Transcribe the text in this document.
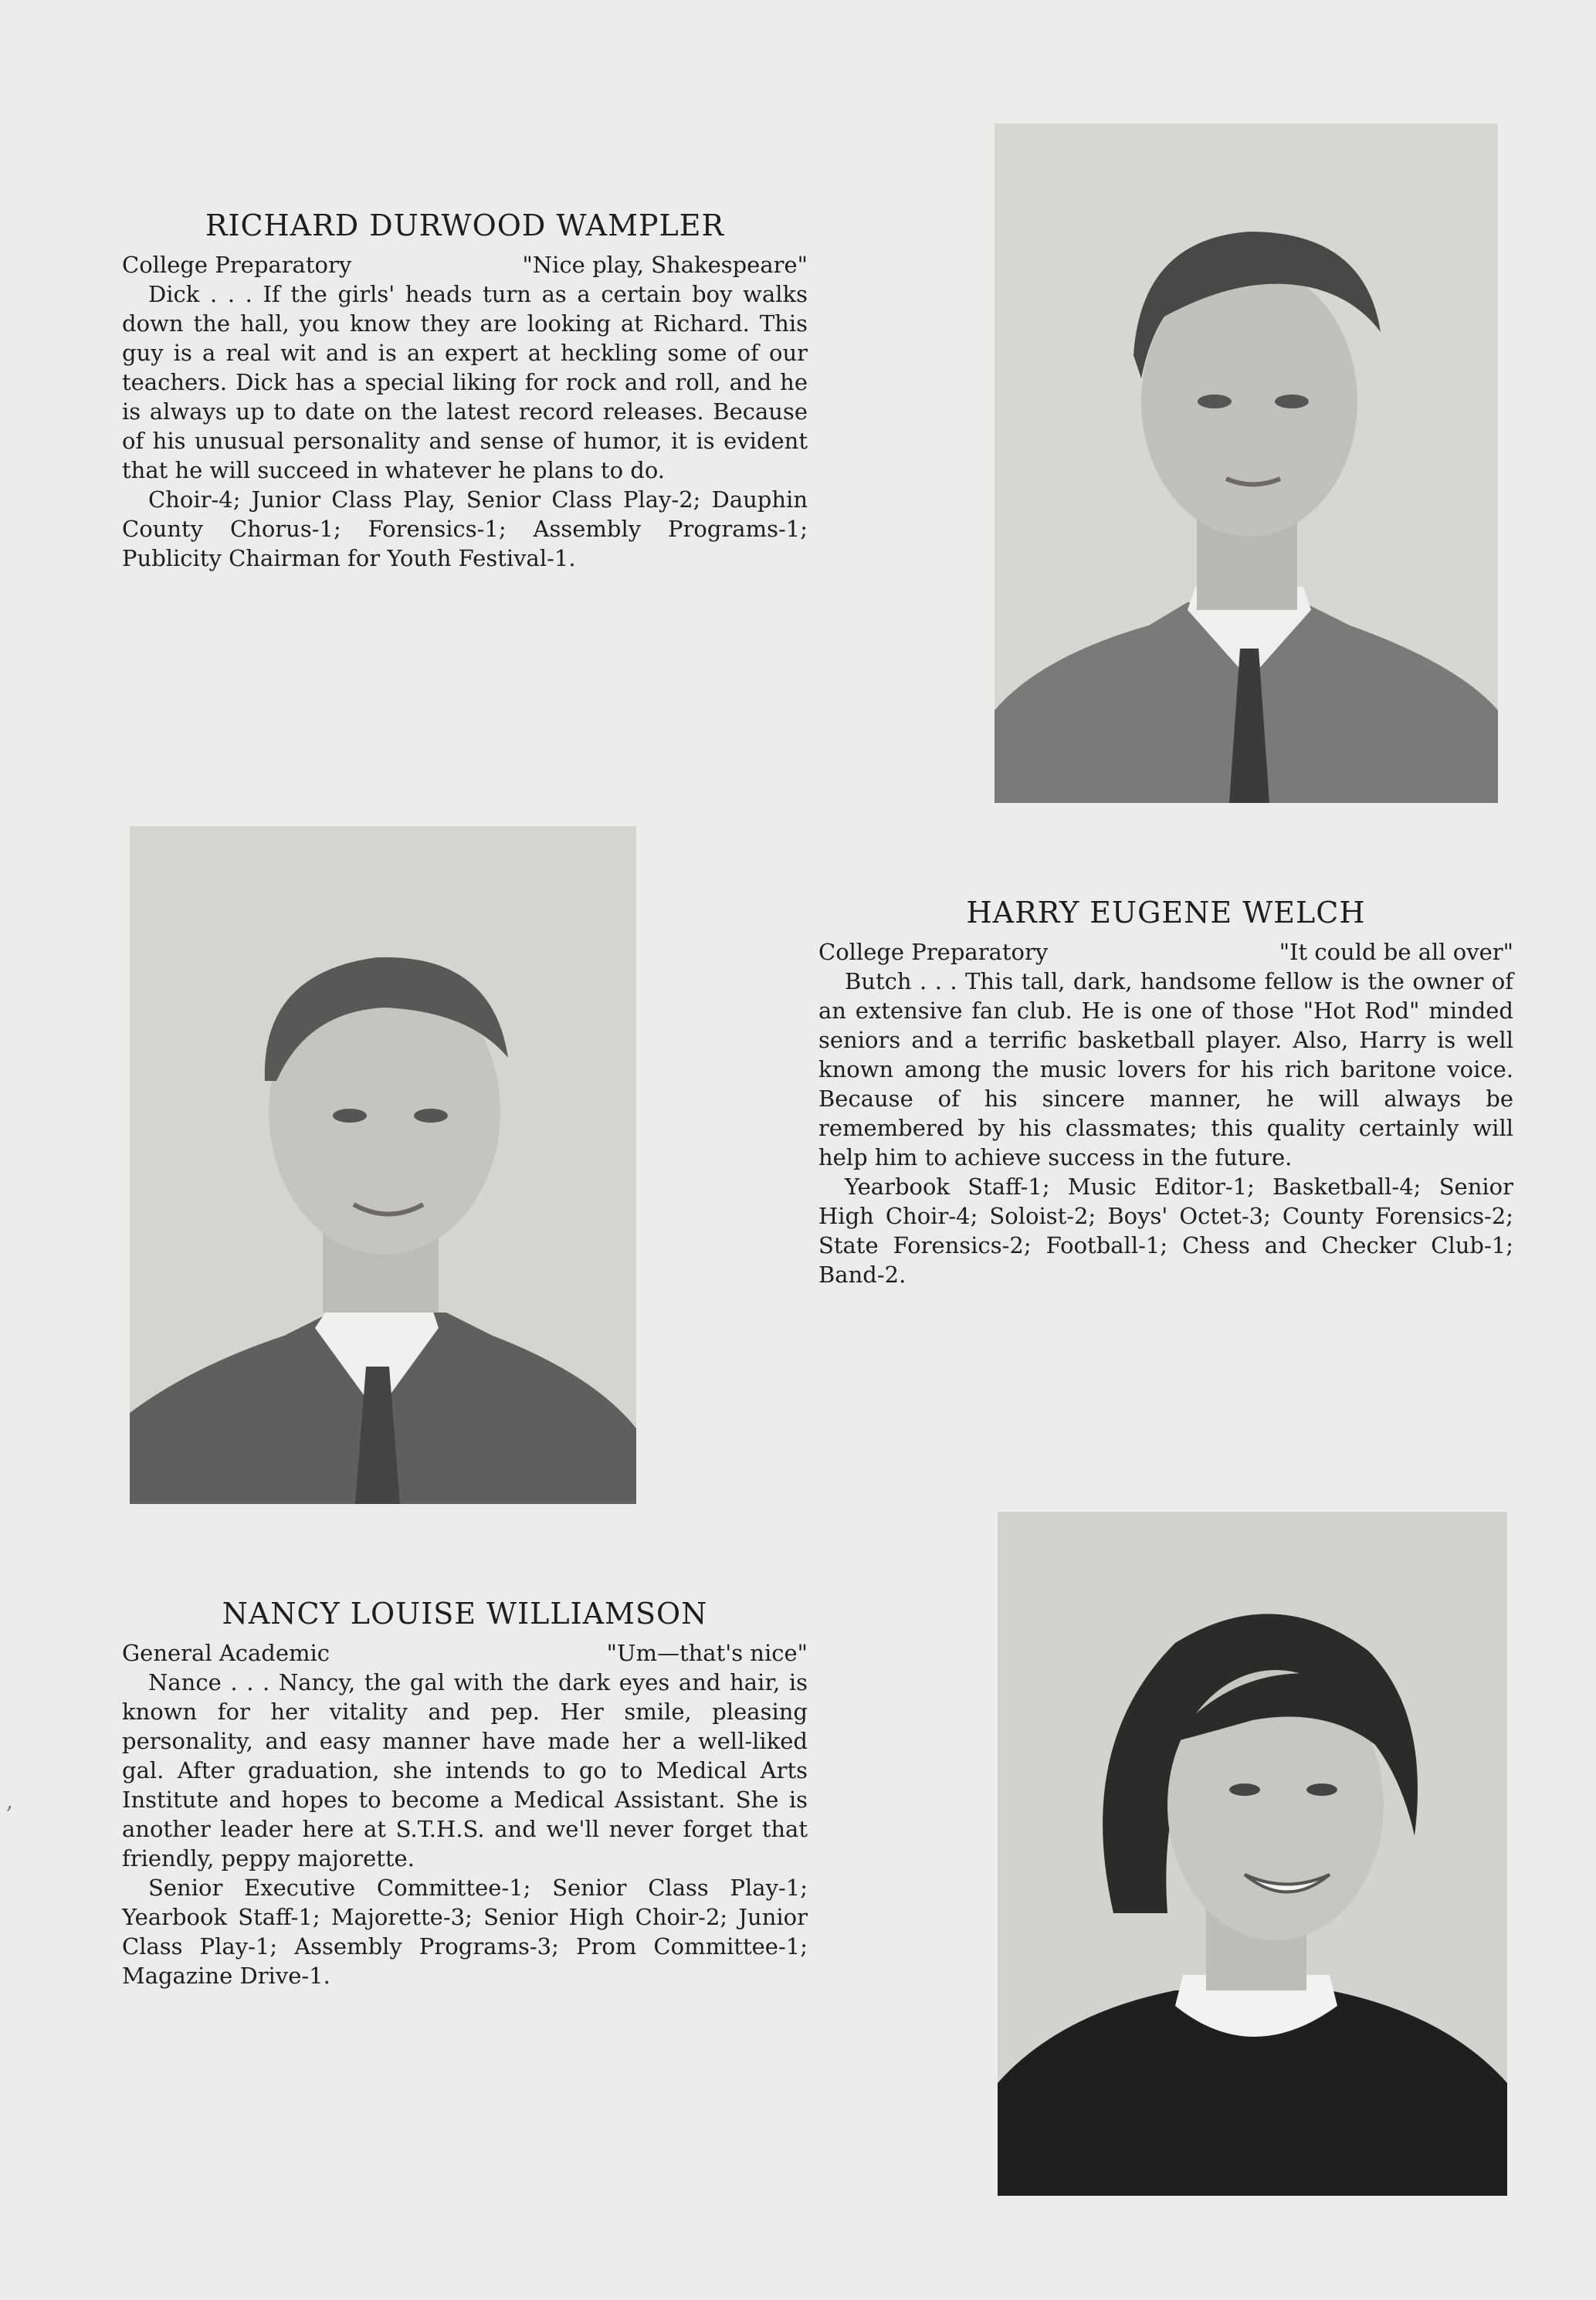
RICHARD DURWOOD WAMPLER
College Preparatory	"Nice play, Shakespeare"

Dick . . . If the girls' heads turn as a certain boy walks down the hall, you know they are looking at Richard. This guy is a real wit and is an expert at heckling some of our teachers. Dick has a special liking for rock and roll, and he is always up to date on the latest record releases. Because of his unusual personality and sense of humor, it is evident that he will succeed in whatever he plans to do.

Choir-4; Junior Class Play, Senior Class Play-2; Dauphin County Chorus-1; Forensics-1; Assembly Programs-1; Publicity Chairman for Youth Festival-1.

HARRY EUGENE WELCH
College Preparatory	"It could be all over"

Butch . . . This tall, dark, handsome fellow is the owner of an extensive fan club. He is one of those "Hot Rod" minded seniors and a terrific basketball player. Also, Harry is well known among the music lovers for his rich baritone voice. Because of his sincere manner, he will always be remembered by his classmates; this quality certainly will help him to achieve success in the future.

Yearbook Staff-1; Music Editor-1; Basketball-4; Senior High Choir-4; Soloist-2; Boys' Octet-3; County Forensics-2; State Forensics-2; Football-1; Chess and Checker Club-1; Band-2.

NANCY LOUISE WILLIAMSON
General Academic	"Um—that's nice"

Nance . . . Nancy, the gal with the dark eyes and hair, is known for her vitality and pep. Her smile, pleasing personality, and easy manner have made her a well-liked gal. After graduation, she intends to go to Medical Arts Institute and hopes to become a Medical Assistant. She is another leader here at S.T.H.S. and we'll never forget that friendly, peppy majorette.

Senior Executive Committee-1; Senior Class Play-1; Yearbook Staff-1; Majorette-3; Senior High Choir-2; Junior Class Play-1; Assembly Programs-3; Prom Committee-1; Magazine Drive-1.

,
